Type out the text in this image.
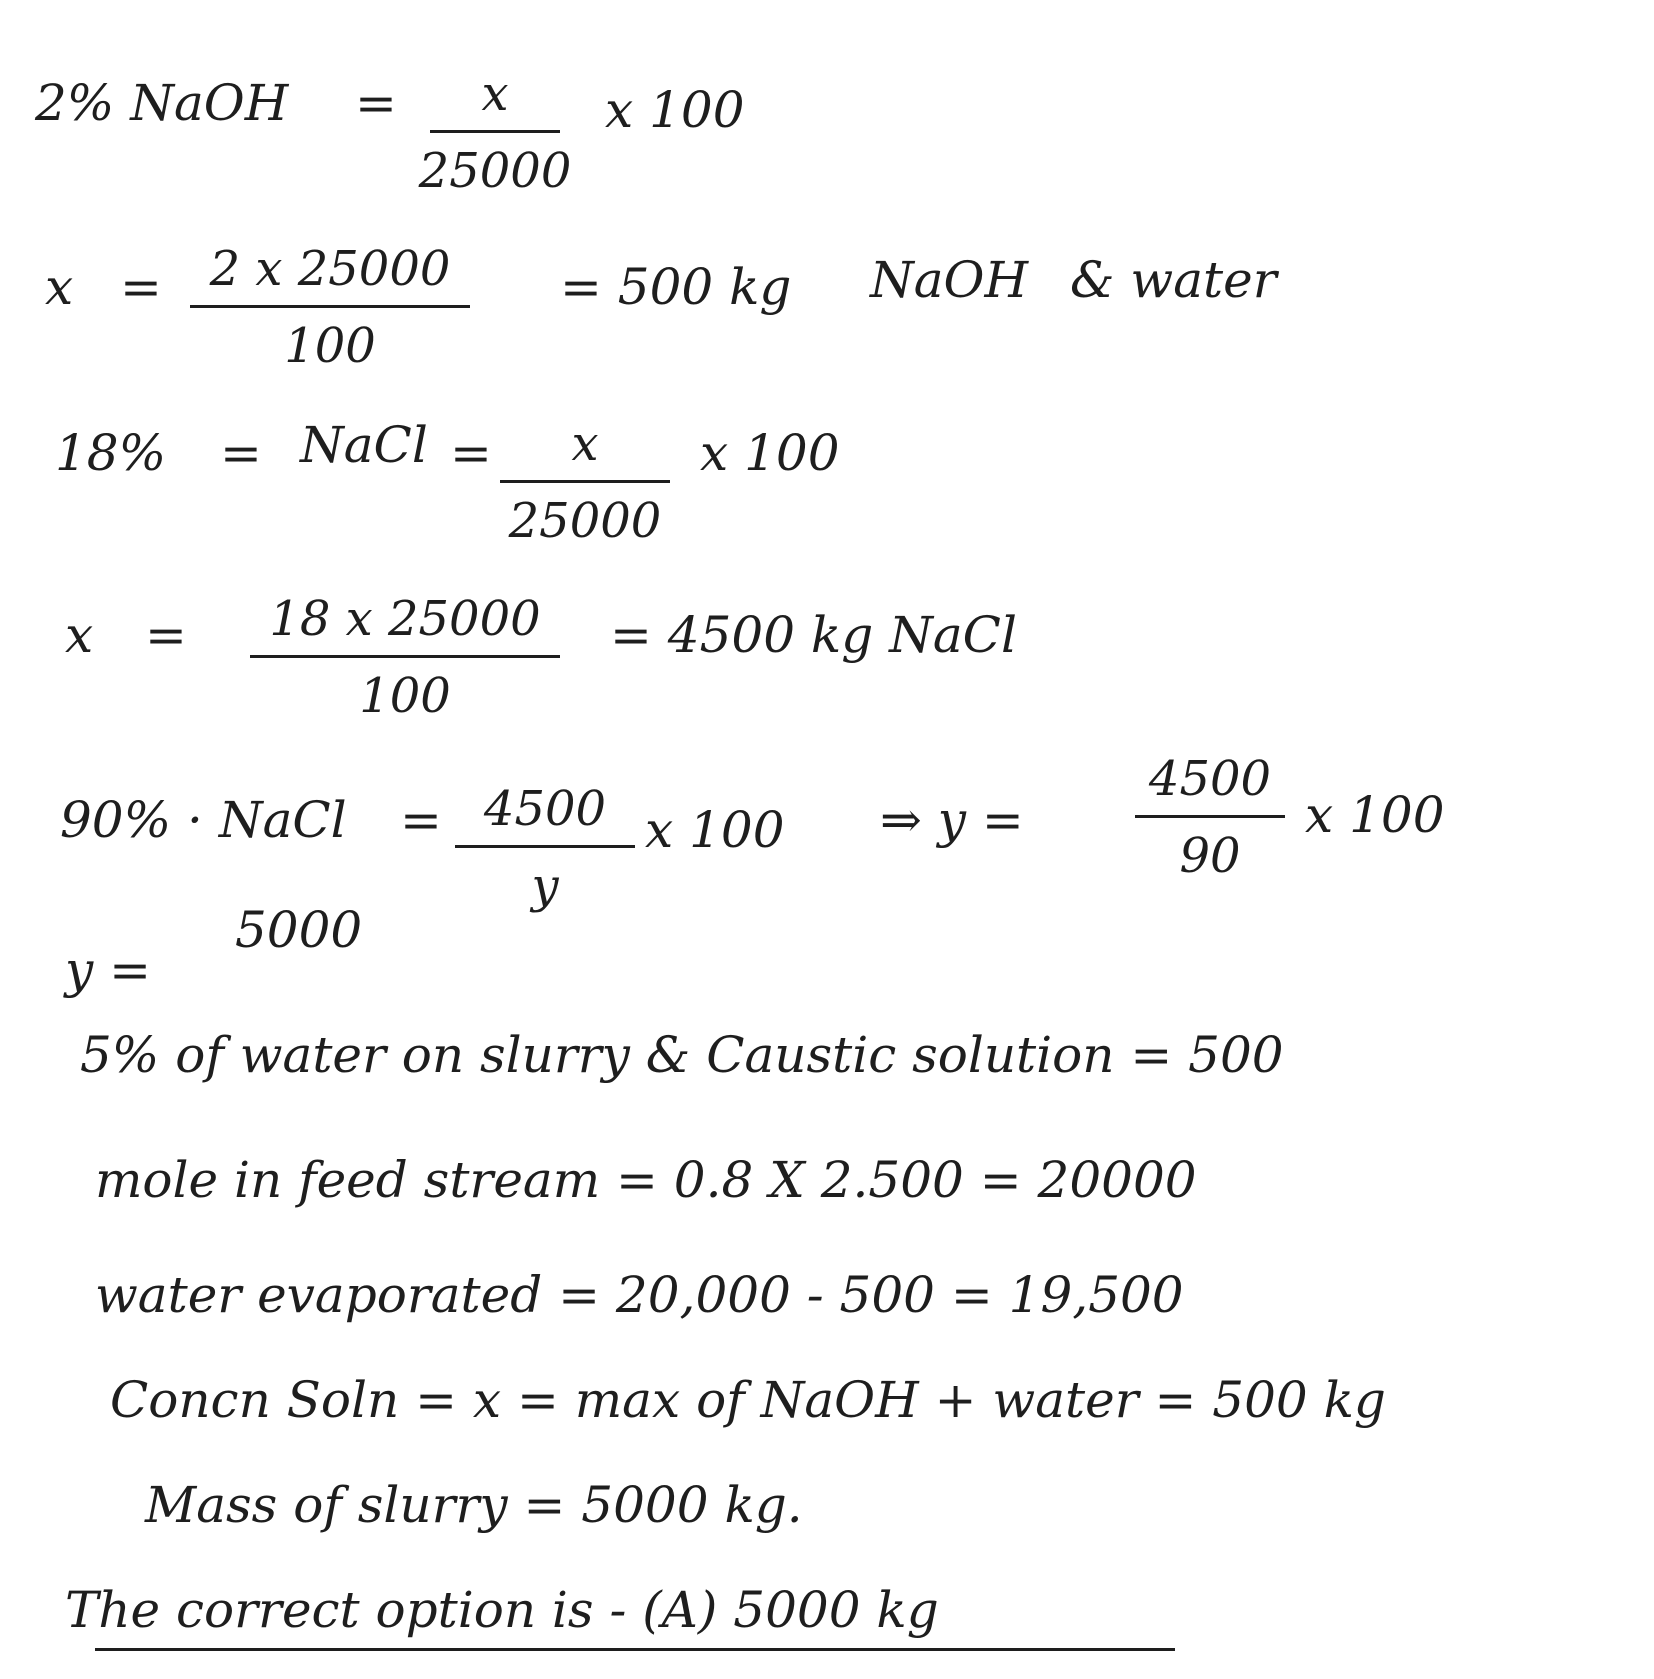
2% NaOH = x
25000
x 100
x = 2 x 25000
100
= 500 kg NaOH & water
18% = NaCl = x
25000
x 100
x = 18 x 25000
100
= 4500 kg NaCl
90% · NaCl = 4500
y
x 100 ⇒ y =
4500
90
x 100
y =
5000
5% of water on slurry & Caustic solution = 500
mole in feed stream = 0.8 X 2.500 = 20000
water evaporated = 20,000 - 500 = 19,500
Concn Soln = x = max of NaOH + water = 500 kg
Mass of slurry = 5000 kg.
The correct option is - (A) 5000 kg
